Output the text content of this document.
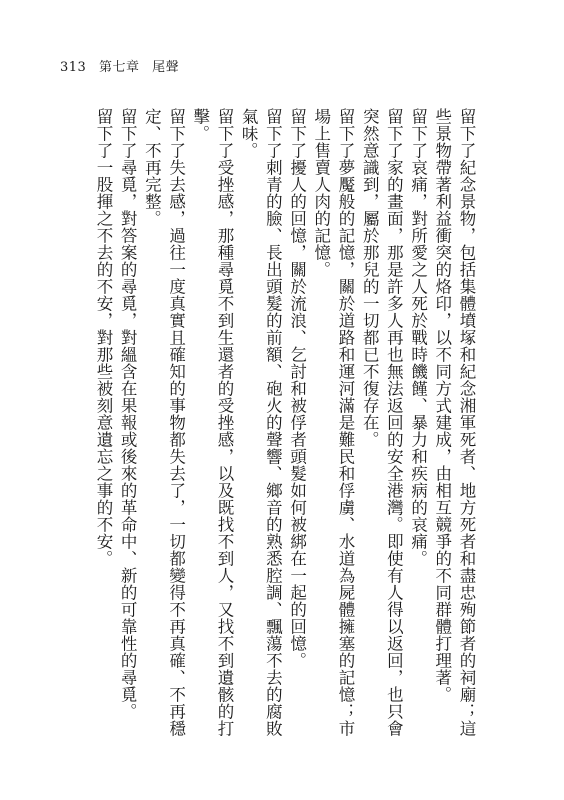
313 第七章 尾聲

留下了紀念景物，包括集體墳塚和紀念湘軍死者、地方死者和盡忠殉節者的祠廟；這些景物帶著利益衝突的烙印，以不同方式建成，由相互競爭的不同群體打理著。

留下了哀痛，對所愛之人死於戰時饑饉、暴力和疾病的哀痛。

留下了家的畫面，那是許多人再也無法返回的安全港灣。即使有人得以返回，也只會突然意識到，屬於那兒的一切都已不復存在。

留下了夢魘般的記憶，關於道路和運河滿是難民和俘虜、水道為屍體擁塞的記憶；市場上售賣人肉的記憶。

留下了擾人的回憶，關於流浪、乞討和被俘者頭髮如何被綁在一起的回憶。

留下了刺青的臉、長出頭髮的前額、砲火的聲響、鄉音的熟悉腔調、飄蕩不去的腐敗氣味。

留下了受挫感，那種尋覓不到生還者的受挫感，以及既找不到人，又找不到遺骸的打擊。

留下了失去感，過往一度真實且確知的事物都失去了，一切都變得不再真確、不再穩定、不再完整。

留下了尋覓，對答案的尋覓，對縕含在果報或後來的革命中、新的可靠性的尋覓。

留下了一股揮之不去的不安，對那些被刻意遺忘之事的不安。
